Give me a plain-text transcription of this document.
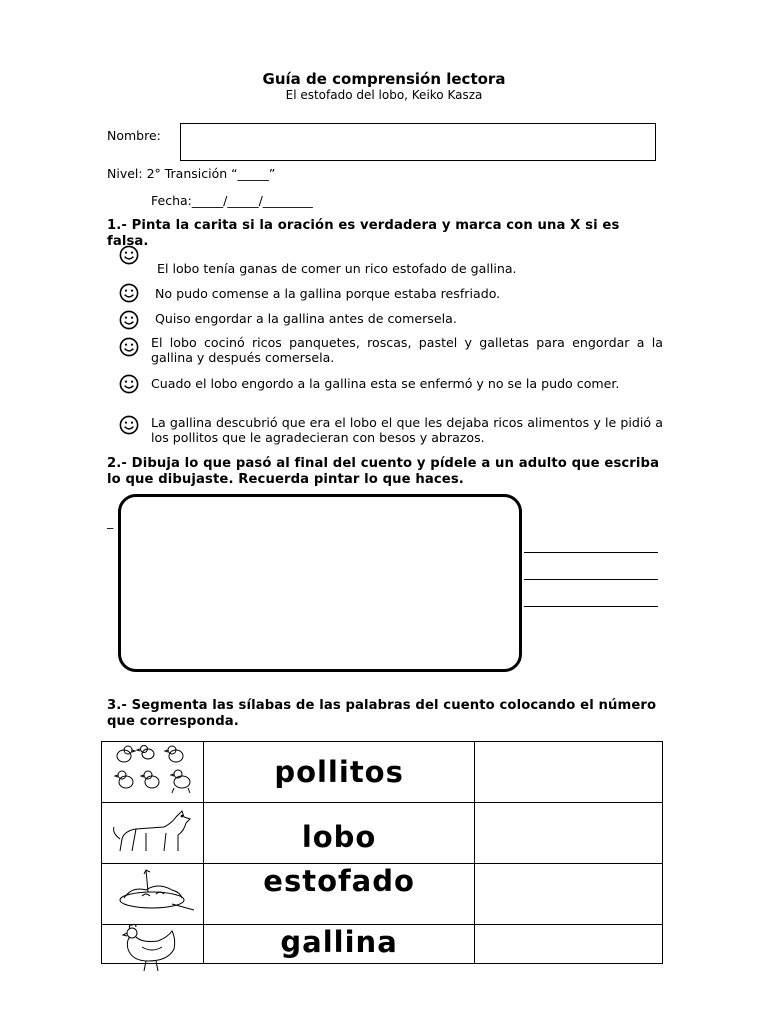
Guía de comprensión lectora
El estofado del lobo, Keiko Kasza
Nombre:
Nivel: 2° Transición “_____”
Fecha:_____/_____/________
1.- Pinta la carita si la oración es verdadera y marca con una X si es falsa.
El lobo tenía ganas de comer un rico estofado de gallina.
No pudo comense a la gallina porque estaba resfriado.
Quiso engordar a la gallina antes de comersela.
El lobo cocinó ricos panquetes, roscas, pastel y galletas para engordar a la gallina y después comersela.
Cuado el lobo engordo a la gallina esta se enfermó y no se la pudo comer.
La gallina descubrió que era el lobo el que les dejaba ricos alimentos y le pidió a los pollitos que le agradecieran con besos y abrazos.
2.- Dibuja lo que pasó al final del cuento y pídele a un adulto que escriba lo que dibujaste. Recuerda pintar lo que haces.
_
3.- Segmenta las sílabas de las palabras del cuento colocando el número que corresponda.
	pollitos	
	lobo	
	estofado	
	gallina	
